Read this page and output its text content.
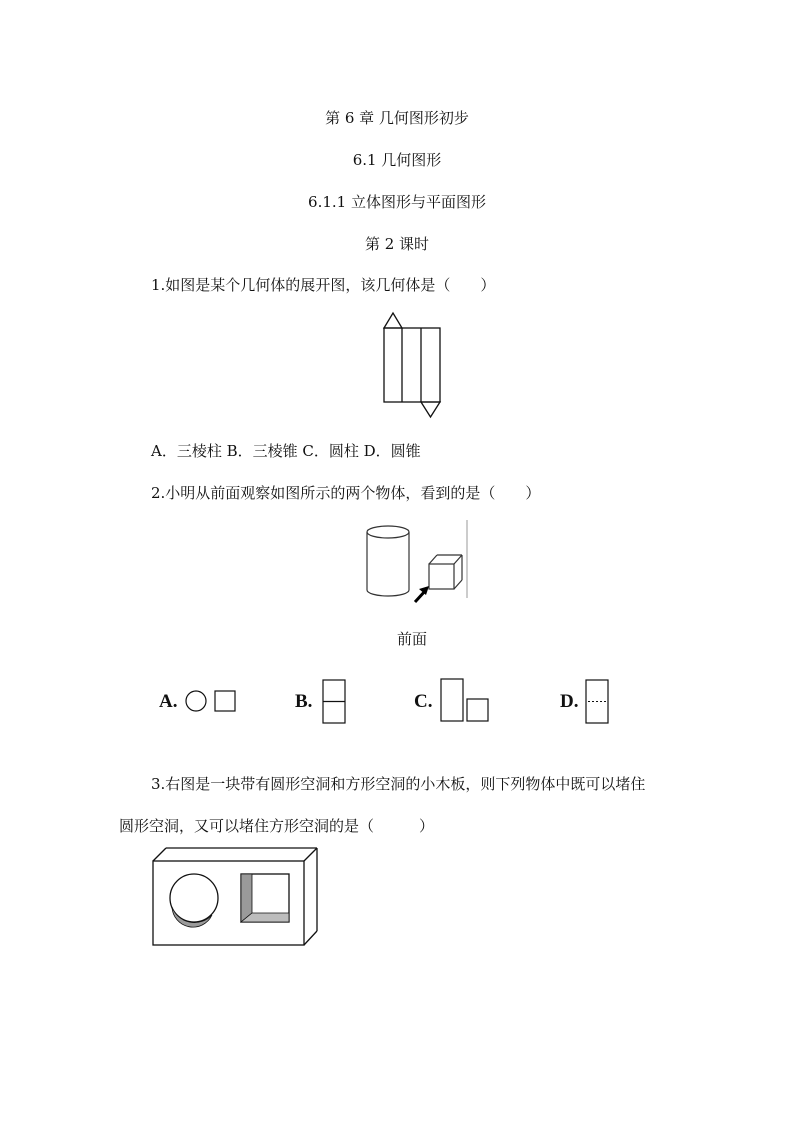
第 6 章 几何图形初步
6.1 几何图形
6.1.1 立体图形与平面图形
第 2 课时
1.如图是某个几何体的展开图，该几何体是（　　）
A．三棱柱 B．三棱锥 C．圆柱 D．圆锥
2.小明从前面观察如图所示的两个物体，看到的是（　　）
前面
A.	B.	C.	D.
3.右图是一块带有圆形空洞和方形空洞的小木板，则下列物体中既可以堵住
圆形空洞，又可以堵住方形空洞的是（　　　）
